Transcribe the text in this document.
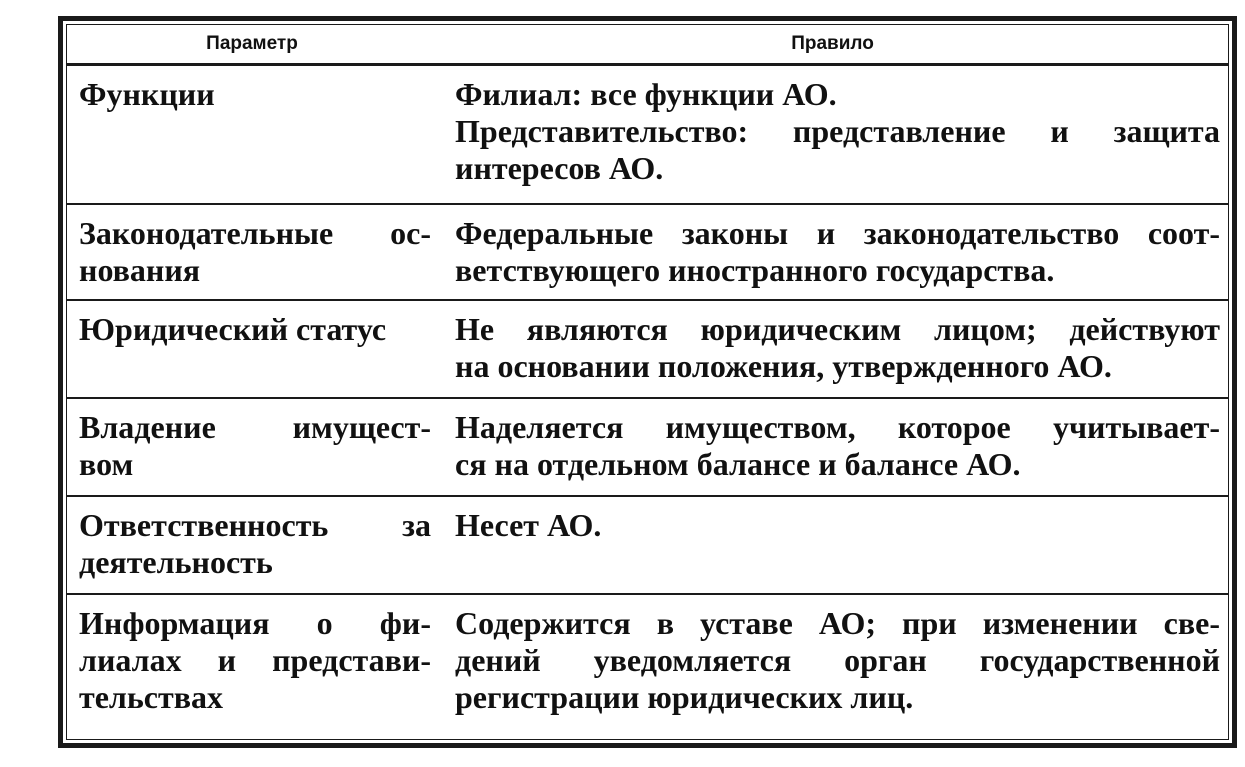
Параметр	Правило

Функции	Филиал: все функции АО.
Представительство: представление и защита
интересов АО.

Законодательные ос-
нования	Федеральные законы и законодательство соот-
ветствующего иностранного государства.

Юридический статус	Не являются юридическим лицом; действуют
на основании положения, утвержденного АО.

Владение имущест-
вом	Наделяется имуществом, которое учитывает-
ся на отдельном балансе и балансе АО.

Ответственность за
деятельность	Несет АО.

Информация о фи-
лиалах и представи-
тельствах	Содержится в уставе АО; при изменении све-
дений уведомляется орган государственной
регистрации юридических лиц.
